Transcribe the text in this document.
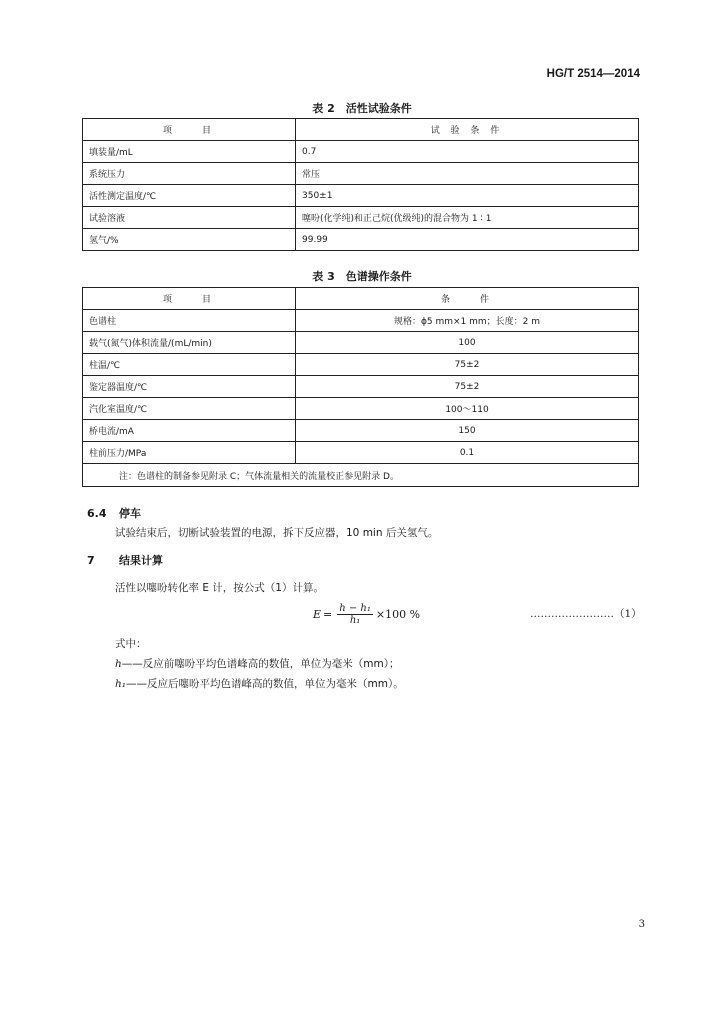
HG/T 2514—2014
表 2　活性试验条件
项　　目	试 验 条 件
填装量/mL	0.7
系统压力	常压
活性测定温度/℃	350±1
试验溶液	噻吩(化学纯)和正己烷(优级纯)的混合物为 1 ∶ 1
氢气/%	99.99
表 3　色谱操作条件
项　　目	条　　件
色谱柱	规格：ϕ5 mm×1 mm；长度：2 m
载气(氮气)体积流量/(mL/min)	100
柱温/℃	75±2
鉴定器温度/℃	75±2
汽化室温度/℃	100～110
桥电流/mA	150
柱前压力/MPa	0.1
注：色谱柱的制备参见附录 C；气体流量相关的流量校正参见附录 D。	
6.4 停车
试验结束后，切断试验装置的电源，拆下反应器，10 min 后关氢气。
7 结果计算
活性以噻吩转化率 E 计，按公式（1）计算。
$E = \frac{\text{h − h₁}}{\text{h₁}} \times 100$ %	……………………（1）
式中：
h——反应前噻吩平均色谱峰高的数值，单位为毫米（mm）；
h₁——反应后噻吩平均色谱峰高的数值，单位为毫米（mm）。
3
